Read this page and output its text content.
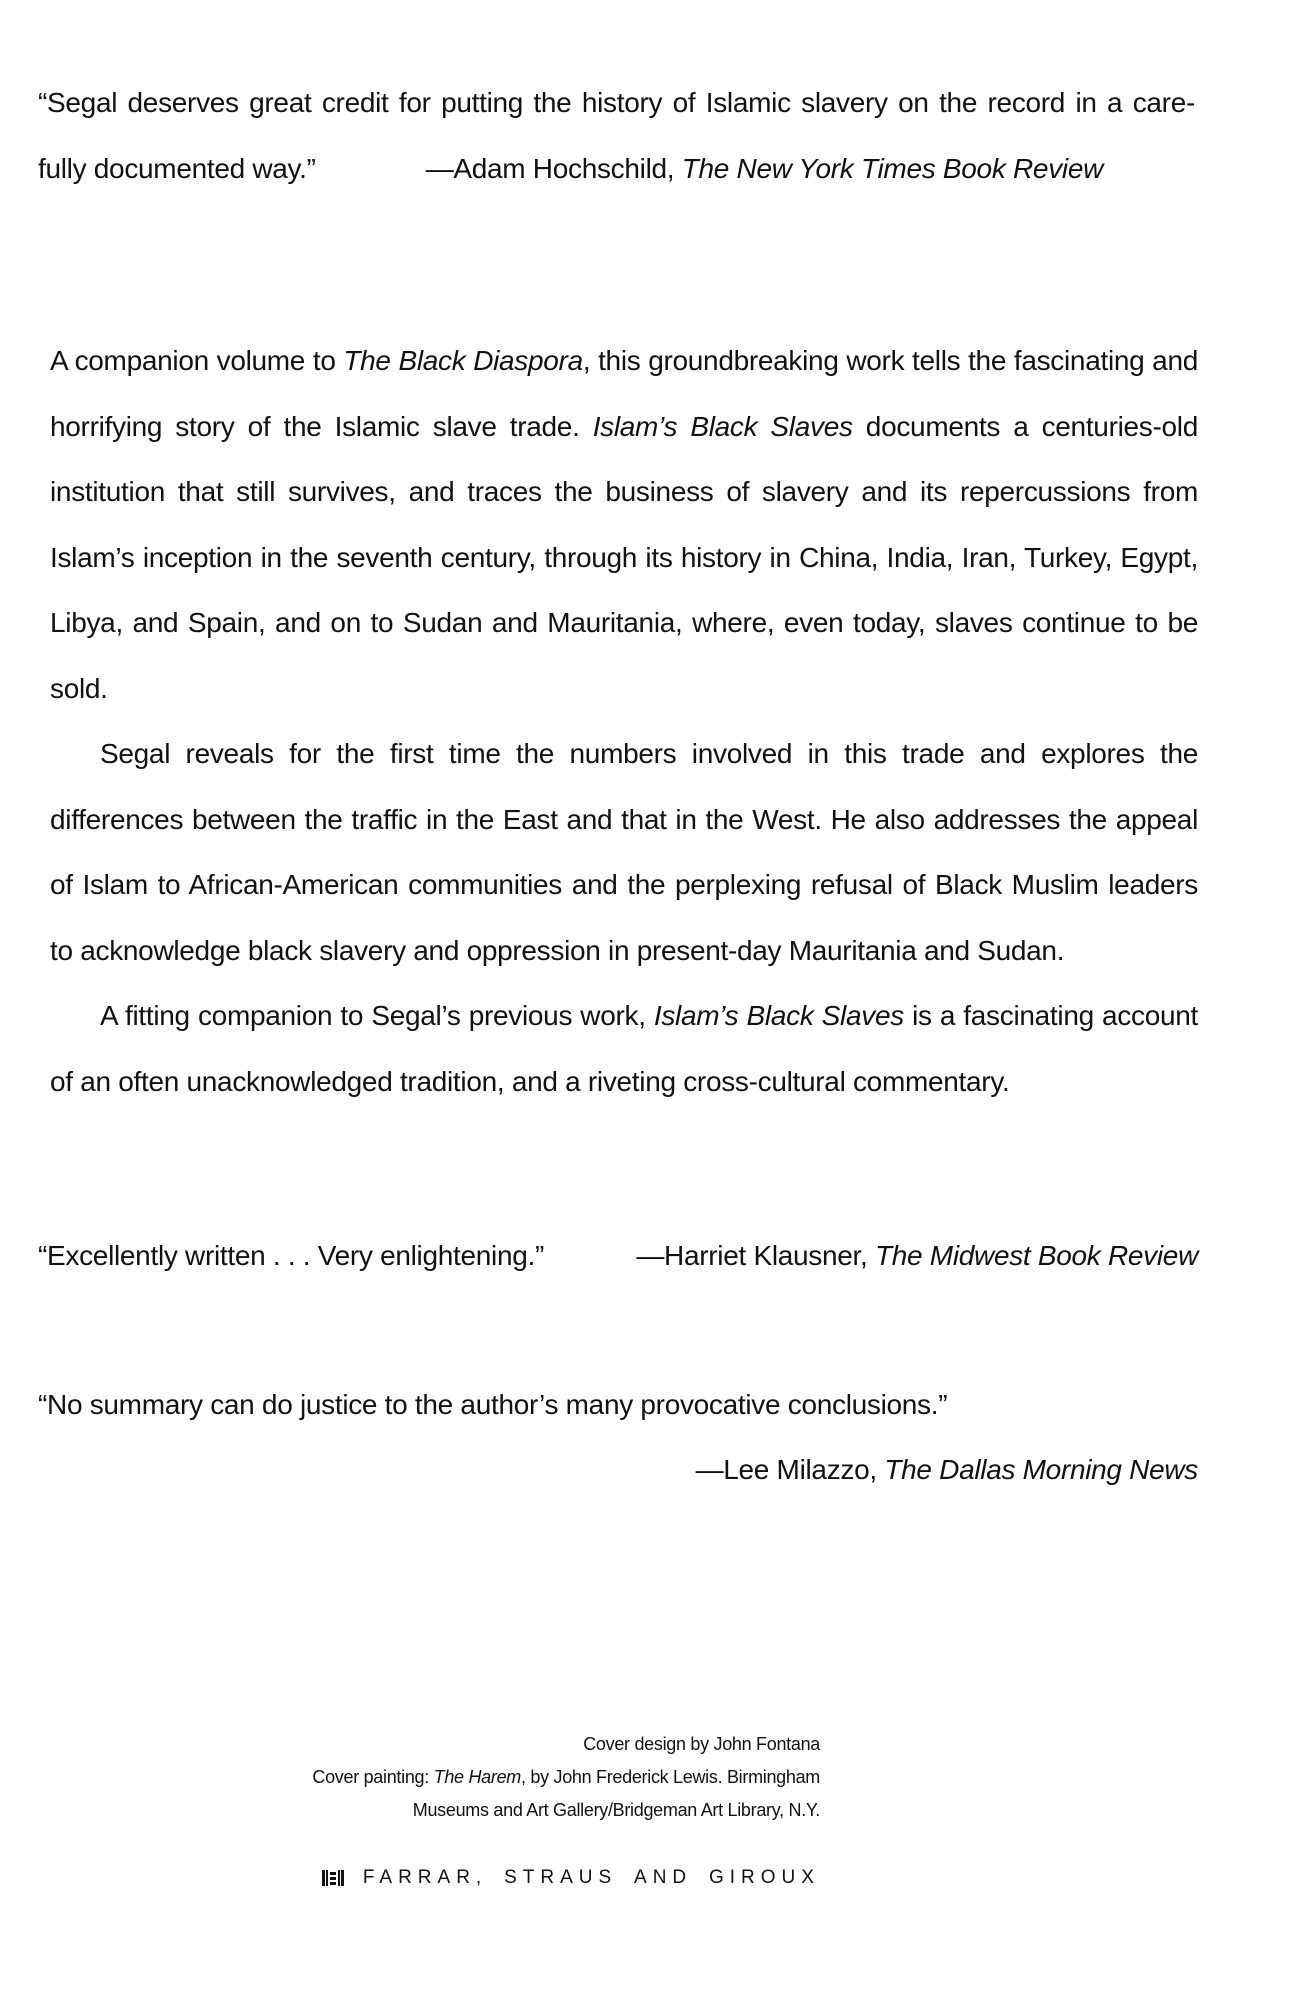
“Segal deserves great credit for putting the history of Islamic slavery on the record in a care-
fully documented way.”	—Adam Hochschild, The New York Times Book Review

A companion volume to The Black Diaspora, this groundbreaking work tells the fascinating and horrifying story of the Islamic slave trade. Islam’s Black Slaves documents a centuries-old institution that still survives, and traces the business of slavery and its repercussions from Islam’s inception in the seventh century, through its history in China, India, Iran, Turkey, Egypt, Libya, and Spain, and on to Sudan and Mauritania, where, even today, slaves continue to be sold.

Segal reveals for the first time the numbers involved in this trade and explores the differences between the traffic in the East and that in the West. He also addresses the appeal of Islam to African-American communities and the perplexing refusal of Black Muslim leaders to acknowledge black slavery and oppression in present-day Mauritania and Sudan.

A fitting companion to Segal’s previous work, Islam’s Black Slaves is a fascinating account of an often unacknowledged tradition, and a riveting cross-cultural commentary.

“Excellently written . . . Very enlightening.”	—Harriet Klausner, The Midwest Book Review
“No summary can do justice to the author’s many provocative conclusions.”
—Lee Milazzo, The Dallas Morning News
Cover design by John Fontana
Cover painting: The Harem, by John Frederick Lewis. Birmingham
Museums and Art Gallery/Bridgeman Art Library, N.Y.
FARRAR, STRAUS AND GIROUX
